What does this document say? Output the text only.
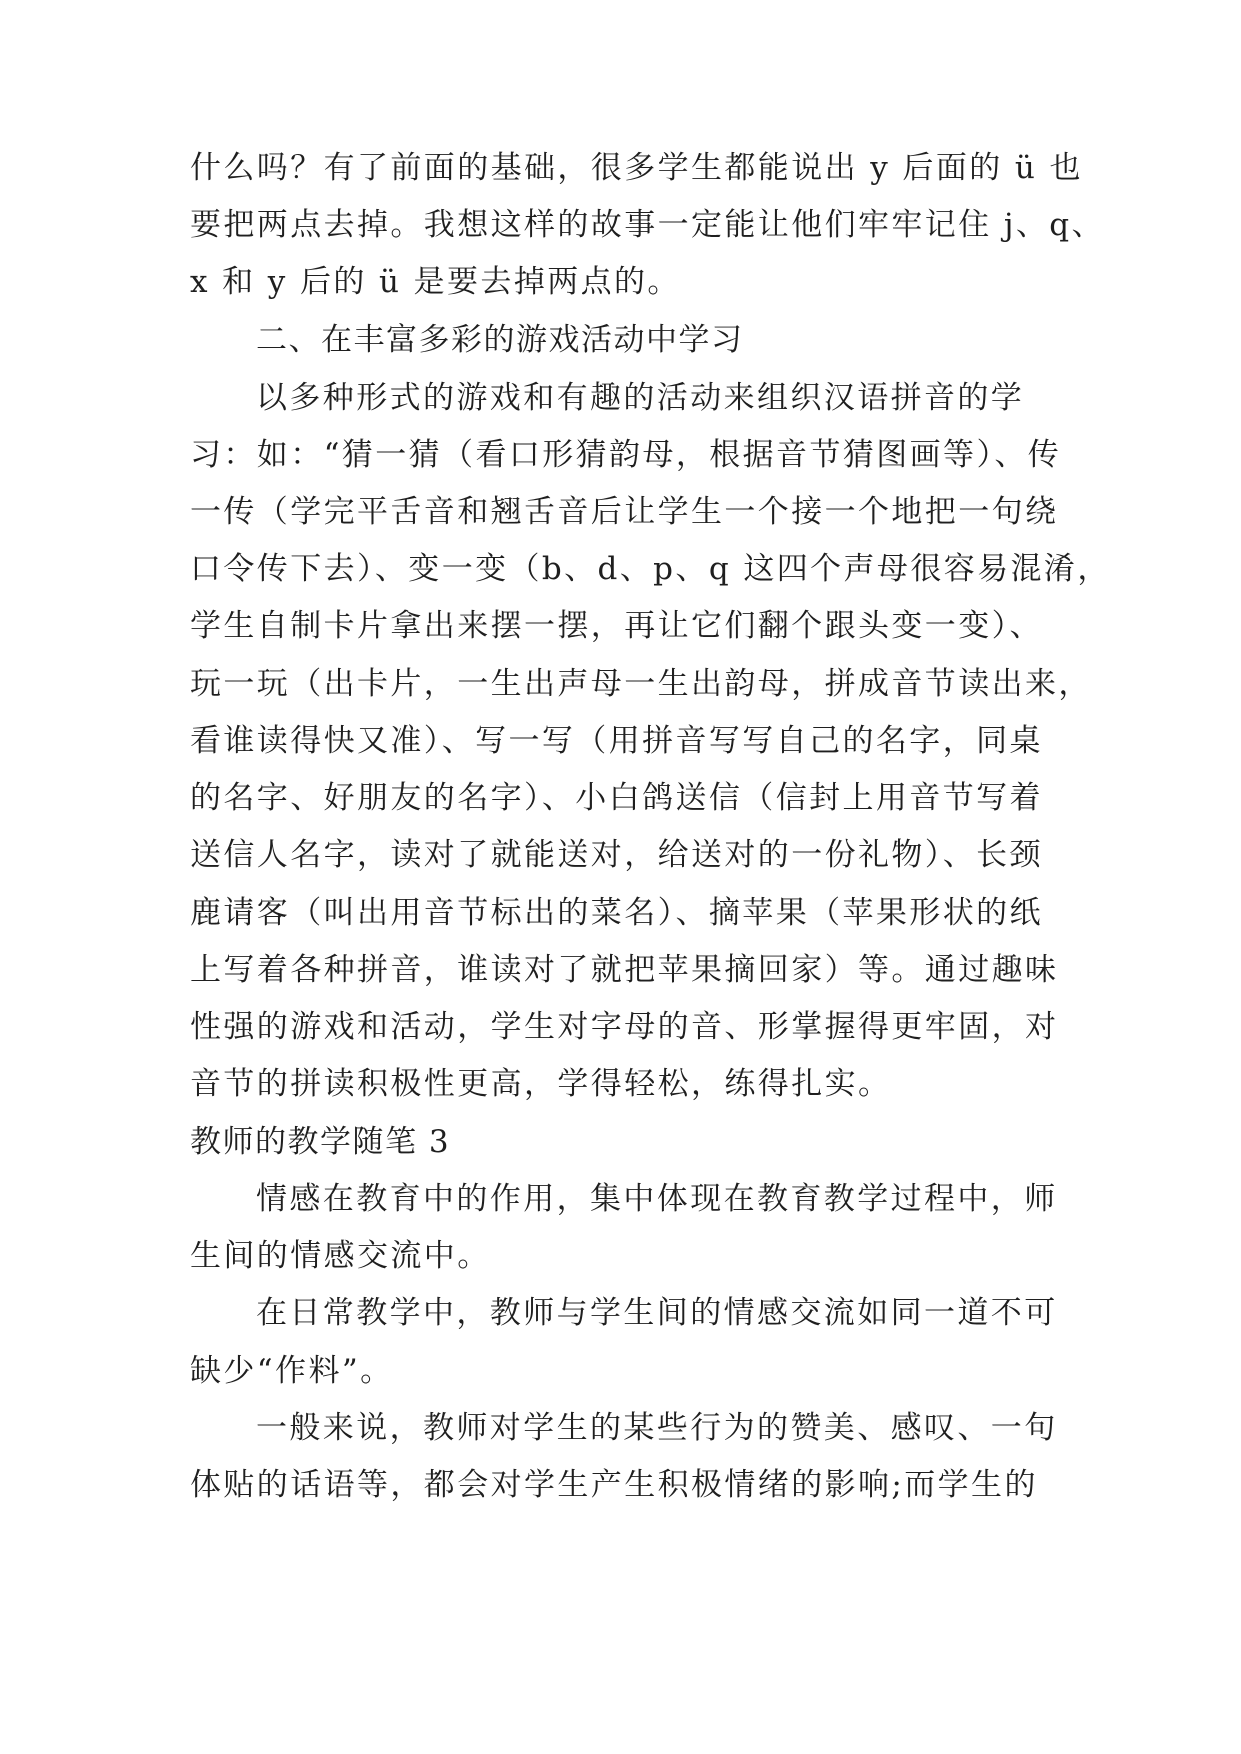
什么吗？有了前面的基础，很多学生都能说出 y 后面的 ü 也
要把两点去掉。我想这样的故事一定能让他们牢牢记住 j、q、
x 和 y 后的 ü 是要去掉两点的。
二、在丰富多彩的游戏活动中学习
以多种形式的游戏和有趣的活动来组织汉语拼音的学
习：如：“猜一猜（看口形猜韵母，根据音节猜图画等）、传
一传（学完平舌音和翘舌音后让学生一个接一个地把一句绕
口令传下去）、变一变（b、d、p、q 这四个声母很容易混淆，
学生自制卡片拿出来摆一摆，再让它们翻个跟头变一变）、
玩一玩（出卡片，一生出声母一生出韵母，拼成音节读出来，
看谁读得快又准）、写一写（用拼音写写自己的名字，同桌
的名字、好朋友的名字）、小白鸽送信（信封上用音节写着
送信人名字，读对了就能送对，给送对的一份礼物）、长颈
鹿请客（叫出用音节标出的菜名）、摘苹果（苹果形状的纸
上写着各种拼音，谁读对了就把苹果摘回家）等。通过趣味
性强的游戏和活动，学生对字母的音、形掌握得更牢固，对
音节的拼读积极性更高，学得轻松，练得扎实。
教师的教学随笔 3
情感在教育中的作用，集中体现在教育教学过程中，师
生间的情感交流中。
在日常教学中，教师与学生间的情感交流如同一道不可
缺少“作料”。
一般来说，教师对学生的某些行为的赞美、感叹、一句
体贴的话语等，都会对学生产生积极情绪的影响;而学生的
